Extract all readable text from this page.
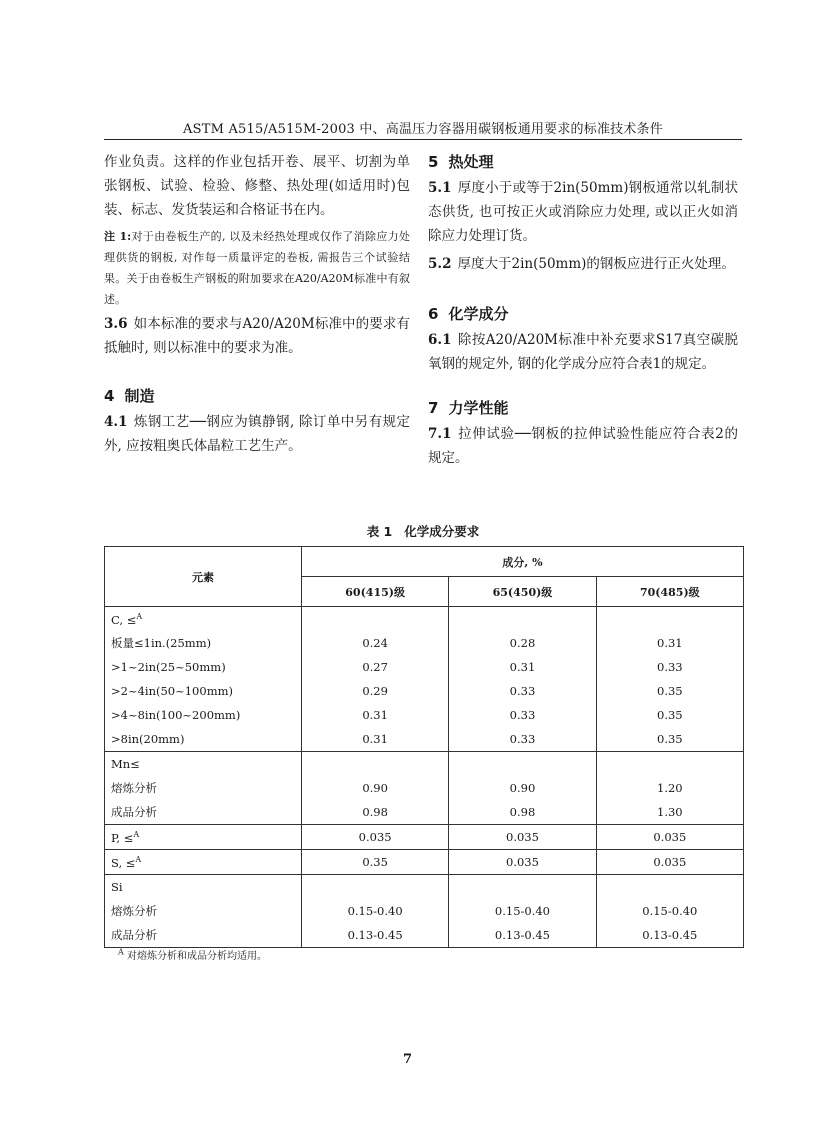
ASTM A515/A515M-2003 中、高温压力容器用碳钢板通用要求的标准技术条件

作业负责。这样的作业包括开卷、展平、切割为单张钢板、试验、检验、修整、热处理(如适用时)包装、标志、发货装运和合格证书在内。

注 1:对于由卷板生产的, 以及未经热处理或仅作了消除应力处理供货的钢板, 对作每一质量评定的卷板, 需报告三个试验结果。关于由卷板生产钢板的附加要求在A20/A20M标准中有叙述。

3.6 如本标准的要求与A20/A20M标准中的要求有抵触时, 则以标准中的要求为准。

4 制造

4.1 炼钢工艺──钢应为镇静钢, 除订单中另有规定外, 应按粗奥氏体晶粒工艺生产。

5 热处理

5.1 厚度小于或等于2in(50mm)钢板通常以轧制状态供货, 也可按正火或消除应力处理, 或以正火如消除应力处理订货。

5.2 厚度大于2in(50mm)的钢板应进行正火处理。

6 化学成分

6.1 除按A20/A20M标准中补充要求S17真空碳脱氧钢的规定外, 钢的化学成分应符合表1的规定。

7 力学性能

7.1 拉伸试验──钢板的拉伸试验性能应符合表2的规定。

表 1 化学成分要求
元素	成分, %		
	60(415)级	65(450)级	70(485)级
C, ≤$^A$			
板量≤1in.(25mm)	0.24	0.28	0.31
>1~2in(25~50mm)	0.27	0.31	0.33
>2~4in(50~100mm)	0.29	0.33	0.35
>4~8in(100~200mm)	0.31	0.33	0.35
>8in(20mm)	0.31	0.33	0.35
Mn≤			
熔炼分析	0.90	0.90	1.20
成品分析	0.98	0.98	1.30
P, ≤$^A$	0.035	0.035	0.035
S, ≤$^A$	0.35	0.035	0.035
Si			
熔炼分析	0.15-0.40	0.15-0.40	0.15-0.40
成品分析	0.13-0.45	0.13-0.45	0.13-0.45
$^A$ 对熔炼分析和成品分析均适用。
7
